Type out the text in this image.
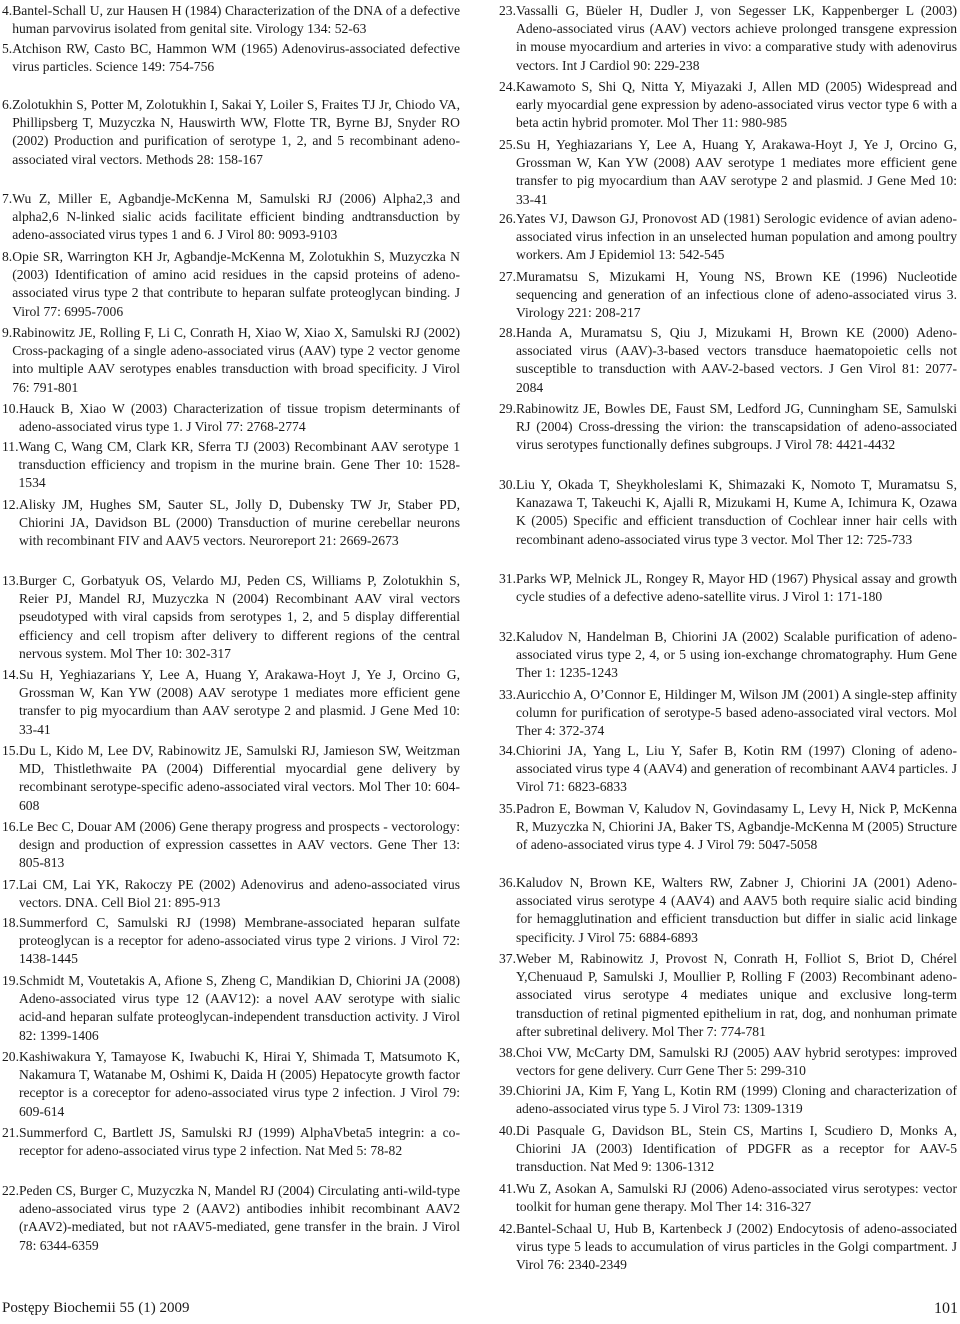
4. Bantel-Schall U, zur Hausen H (1984) Characterization of the DNA of a defective human parvovirus isolated from genital site. Virology 134: 52-63
5. Atchison RW, Casto BC, Hammon WM (1965) Adenovirus-associated defective virus particles. Science 149: 754-756
6. Zolotukhin S, Potter M, Zolotukhin I, Sakai Y, Loiler S, Fraites TJ Jr, Chiodo VA, Phillipsberg T, Muzyczka N, Hauswirth WW, Flotte TR, Byrne BJ, Snyder RO (2002) Production and purification of serotype 1, 2, and 5 recombinant adeno-associated viral vectors. Methods 28: 158-167
7. Wu Z, Miller E, Agbandje-McKenna M, Samulski RJ (2006) Alpha2,3 and alpha2,6 N-linked sialic acids facilitate efficient binding andtransduction by adeno-associated virus types 1 and 6. J Virol 80: 9093-9103
8. Opie SR, Warrington KH Jr, Agbandje-McKenna M, Zolotukhin S, Muzyczka N (2003) Identification of amino acid residues in the capsid proteins of adeno-associated virus type 2 that contribute to heparan sulfate proteoglycan binding. J Virol 77: 6995-7006
9. Rabinowitz JE, Rolling F, Li C, Conrath H, Xiao W, Xiao X, Samulski RJ (2002) Cross-packaging of a single adeno-associated virus (AAV) type 2 vector genome into multiple AAV serotypes enables transduction with broad specificity. J Virol 76: 791-801
10. Hauck B, Xiao W (2003) Characterization of tissue tropism determinants of adeno-associated virus type 1. J Virol 77: 2768-2774
11. Wang C, Wang CM, Clark KR, Sferra TJ (2003) Recombinant AAV serotype 1 transduction efficiency and tropism in the murine brain. Gene Ther 10: 1528-1534
12. Alisky JM, Hughes SM, Sauter SL, Jolly D, Dubensky TW Jr, Staber PD, Chiorini JA, Davidson BL (2000) Transduction of murine cerebellar neurons with recombinant FIV and AAV5 vectors. Neuroreport 21: 2669-2673
13. Burger C, Gorbatyuk OS, Velardo MJ, Peden CS, Williams P, Zolotukhin S, Reier PJ, Mandel RJ, Muzyczka N (2004) Recombinant AAV viral vectors pseudotyped with viral capsids from serotypes 1, 2, and 5 display differential efficiency and cell tropism after delivery to different regions of the central nervous system. Mol Ther 10: 302-317
14. Su H, Yeghiazarians Y, Lee A, Huang Y, Arakawa-Hoyt J, Ye J, Orcino G, Grossman W, Kan YW (2008) AAV serotype 1 mediates more efficient gene transfer to pig myocardium than AAV serotype 2 and plasmid. J Gene Med 10: 33-41
15. Du L, Kido M, Lee DV, Rabinowitz JE, Samulski RJ, Jamieson SW, Weitzman MD, Thistlethwaite PA (2004) Differential myocardial gene delivery by recombinant serotype-specific adeno-associated viral vectors. Mol Ther 10: 604-608
16. Le Bec C, Douar AM (2006) Gene therapy progress and prospects - vectorology: design and production of expression cassettes in AAV vectors. Gene Ther 13: 805-813
17. Lai CM, Lai YK, Rakoczy PE (2002) Adenovirus and adeno-associated virus vectors. DNA. Cell Biol 21: 895-913
18. Summerford C, Samulski RJ (1998) Membrane-associated heparan sulfate proteoglycan is a receptor for adeno-associated virus type 2 virions. J Virol 72: 1438-1445
19. Schmidt M, Voutetakis A, Afione S, Zheng C, Mandikian D, Chiorini JA (2008) Adeno-associated virus type 12 (AAV12): a novel AAV serotype with sialic acid-and heparan sulfate proteoglycan-independent transduction activity. J Virol 82: 1399-1406
20. Kashiwakura Y, Tamayose K, Iwabuchi K, Hirai Y, Shimada T, Matsumoto K, Nakamura T, Watanabe M, Oshimi K, Daida H (2005) Hepatocyte growth factor receptor is a coreceptor for adeno-associated virus type 2 infection. J Virol 79: 609-614
21. Summerford C, Bartlett JS, Samulski RJ (1999) AlphaVbeta5 integrin: a co-receptor for adeno-associated virus type 2 infection. Nat Med 5: 78-82
22. Peden CS, Burger C, Muzyczka N, Mandel RJ (2004) Circulating anti-wild-type adeno-associated virus type 2 (AAV2) antibodies inhibit recombinant AAV2 (rAAV2)-mediated, but not rAAV5-mediated, gene transfer in the brain. J Virol 78: 6344-6359
23. Vassalli G, Büeler H, Dudler J, von Segesser LK, Kappenberger L (2003) Adeno-associated virus (AAV) vectors achieve prolonged transgene expression in mouse myocardium and arteries in vivo: a comparative study with adenovirus vectors. Int J Cardiol 90: 229-238
24. Kawamoto S, Shi Q, Nitta Y, Miyazaki J, Allen MD (2005) Widespread and early myocardial gene expression by adeno-associated virus vector type 6 with a beta actin hybrid promoter. Mol Ther 11: 980-985
25. Su H, Yeghiazarians Y, Lee A, Huang Y, Arakawa-Hoyt J, Ye J, Orcino G, Grossman W, Kan YW (2008) AAV serotype 1 mediates more efficient gene transfer to pig myocardium than AAV serotype 2 and plasmid. J Gene Med 10: 33-41
26. Yates VJ, Dawson GJ, Pronovost AD (1981) Serologic evidence of avian adeno-associated virus infection in an unselected human population and among poultry workers. Am J Epidemiol 13: 542-545
27. Muramatsu S, Mizukami H, Young NS, Brown KE (1996) Nucleotide sequencing and generation of an infectious clone of adeno-associated virus 3. Virology 221: 208-217
28. Handa A, Muramatsu S, Qiu J, Mizukami H, Brown KE (2000) Adeno-associated virus (AAV)-3-based vectors transduce haematopoietic cells not susceptible to transduction with AAV-2-based vectors. J Gen Virol 81: 2077-2084
29. Rabinowitz JE, Bowles DE, Faust SM, Ledford JG, Cunningham SE, Samulski RJ (2004) Cross-dressing the virion: the transcapsidation of adeno-associated virus serotypes functionally defines subgroups. J Virol 78: 4421-4432
30. Liu Y, Okada T, Sheykholeslami K, Shimazaki K, Nomoto T, Muramatsu S, Kanazawa T, Takeuchi K, Ajalli R, Mizukami H, Kume A, Ichimura K, Ozawa K (2005) Specific and efficient transduction of Cochlear inner hair cells with recombinant adeno-associated virus type 3 vector. Mol Ther 12: 725-733
31. Parks WP, Melnick JL, Rongey R, Mayor HD (1967) Physical assay and growth cycle studies of a defective adeno-satellite virus. J Virol 1: 171-180
32. Kaludov N, Handelman B, Chiorini JA (2002) Scalable purification of adeno-associated virus type 2, 4, or 5 using ion-exchange chromatography. Hum Gene Ther 1: 1235-1243
33. Auricchio A, O’Connor E, Hildinger M, Wilson JM (2001) A single-step affinity column for purification of serotype-5 based adeno-associated viral vectors. Mol Ther 4: 372-374
34. Chiorini JA, Yang L, Liu Y, Safer B, Kotin RM (1997) Cloning of adeno-associated virus type 4 (AAV4) and generation of recombinant AAV4 particles. J Virol 71: 6823-6833
35. Padron E, Bowman V, Kaludov N, Govindasamy L, Levy H, Nick P, McKenna R, Muzyczka N, Chiorini JA, Baker TS, Agbandje-McKenna M (2005) Structure of adeno-associated virus type 4. J Virol 79: 5047-5058
36. Kaludov N, Brown KE, Walters RW, Zabner J, Chiorini JA (2001) Adeno-associated virus serotype 4 (AAV4) and AAV5 both require sialic acid binding for hemagglutination and efficient transduction but differ in sialic acid linkage specificity. J Virol 75: 6884-6893
37. Weber M, Rabinowitz J, Provost N, Conrath H, Folliot S, Briot D, Chérel Y,Chenuaud P, Samulski J, Moullier P, Rolling F (2003) Recombinant adeno-associated virus serotype 4 mediates unique and exclusive long-term transduction of retinal pigmented epithelium in rat, dog, and nonhuman primate after subretinal delivery. Mol Ther 7: 774-781
38. Choi VW, McCarty DM, Samulski RJ (2005) AAV hybrid serotypes: improved vectors for gene delivery. Curr Gene Ther 5: 299-310
39. Chiorini JA, Kim F, Yang L, Kotin RM (1999) Cloning and characterization of adeno-associated virus type 5. J Virol 73: 1309-1319
40. Di Pasquale G, Davidson BL, Stein CS, Martins I, Scudiero D, Monks A, Chiorini JA (2003) Identification of PDGFR as a receptor for AAV-5 transduction. Nat Med 9: 1306-1312
41. Wu Z, Asokan A, Samulski RJ (2006) Adeno-associated virus serotypes: vector toolkit for human gene therapy. Mol Ther 14: 316-327
42. Bantel-Schaal U, Hub B, Kartenbeck J (2002) Endocytosis of adeno-associated virus type 5 leads to accumulation of virus particles in the Golgi compartment. J Virol 76: 2340-2349
Postępy Biochemii 55 (1) 2009	101
